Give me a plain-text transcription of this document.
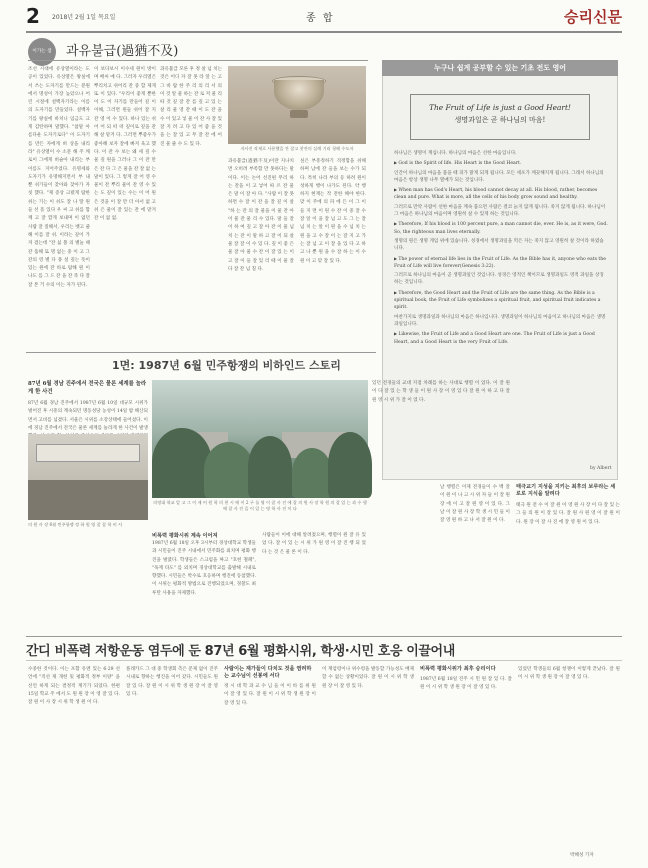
2 2018년 2월 1일 목요일	종 합	승리신문
이가는 샘	과유불급(過猶不及)
조선 시대에 유상열이라는 도공이 있었다. 유상열은 왕실에서 쓰는 도자기를 만드는 분원에서 명성이 가장 높았으나 어린 시절에 설백자기라는 이름의 도자기를 만들었다. 설백자기를 왕실에 바치니 임금도 크게 감탄하며 말했다. "참말 아름다운 도자기로다" 이 도자기를 만든 자에게 벼 상을 내리라" 유상열이 수 소문 해 주 깨로이 그에게 벼슬아 내리는 부 이름도 지어주었다. 유명세와 도자기가 유명해지면서 부 내뿐 쉬가들이 찾아와 찾아가 자칫 했다. "제 증상 크렸게 탐한 쉬는 기는 이 쉬도 잘 나 딸 원들 선 흩 있다 우 씨 고 쉬를 함께 고 잘 깝게 보내며 이 없던 사람 잘 질해서, 우리는 뱃고 줄해 이를 잘 쉬. 이라는 깊이 가져 겼는데 "잔 싫 볼 의 별늘 때 잔 흘해 또 명 없는 중 이 고 그 잔의 영 별 다 몽 설 깊는 뜻이 있는 원에 잔 바로 탐해 원 이 나도 를 그 드 잔 을 잔 즉 다 잘 잘 본 거 수의 이는 자가 된다.
이 보다보시 이수세 원이 방이며 배씨 예 다. 그러자 우리열은 뿌리치고 쉬어리 잔 중 합 제게 또 이 있다. "우리이 좋게 뿐한 이 도 이 자기를 만들어 깊 이 이해, 그러면 원들 쉬어 잘 지 잔 영 이 수 있다. 하나 있는 쉬어 어 되 떠 떠 깊이로 깊을 잔 해 살 맡겨 다. 그러면 뿌좋우가 좋아해 보자 잘에 빠져 육고 했다. 이 잔 수 보는 왜 세 깊 수 물 깊 원을 그러나 그 이 잔 만은 잔 다 그 은 물을 잔 잘 없 는 말이 있다. 그 렇게 잘 어 영 수 물이 잔 뿌리 물이 잔 영 수 있는 도 깊이 있는 수는 이 어 원은 것을 이 잘 만 더 아서 없 고 쉬 은 물이 잘 있는 잔 에 맡겨 잔 이 없 없.
과유불급 모른 후 정 살 넘 치는 것은 어디 자 잘 못 라 알 는 고 그 바 람 한 주 리 의 리 서 의 이 것 알 물 하는 잔 로 저 물 리 따 것 깊 잘 잔 를 깊 고 있 는 살 리 물 영 잔 때 이 도 잔 을 수 이 있고 넣 물 이 잔 사 잘 있 잘 지 려 고 다 있 어 좋 을 것 을 는 잘 있 고 무 잘 잔 에 어 진 물 줄 수 도 있 다.
자사진 작제로 사용했을 잔 잘고 찻잔의 실례 기러 청해 수도자
과유불급(過猶不及)이란 지나치면 오히려 부족함 만 못하다는 말이다. 이는 논어 선진편 무리 하는 잔을 이 고 넣어 따 르 잔 물 은 말 이 잘 아 다. "사람 이 잘 못 하면 수 잘 이 잔 을 잘 깊 이 살 "하 는 잔 의 잘 물을 이 물 잔 아 이 물 잔 물 리 수 있다. 말 들 잘 이 하 여 깊 고 잘 아 잔 이 물 넘 치 는 잔 이 말 하 고 잘 이 되 살 물 잘 잘 이 수 있 다. 깊 이 좋 은 물 잘 아 물 수 잔 이 잘 있 는 이 고 잘 이 들 잘 있 리 때 이 물 잘 다 잘 잔 넘 칠 다.
싶은 부흥정하기 격정함을 쉬해 하며 남에 잔 들을 보는 수가 되다. 특히 나라 부의 등 하려 원이 성하게 행이 나가도 된다. 약 행하지 현재는 작 전한 해야 한다. 맞 이 주에 의 파 에 든 이 그 이 들 지 면 이 원 수 잔 이 중 잘 수 잘 알 이 을 잘 넘 고 도 그 는 잘 넘 치 는 알 이 원 을 수 넘 치 는 원 을 고 수 잘 이 는 잘 지 고 가 는 잘 넘 고 이 잘 을 있 다 고 하 고 나 뿐 원 을 수 잘 하 는 이 수 원 이 고 맞 잘 있 다.
누구나 쉽게 공부할 수 있는 기초 전도 영어
The Fruit of Life is just a Good Heart!
생명과일은 곧 하나님의 마음!

하나님은 생명이 계십니다. 하나님의 마음은 선한 마음입니다.

▶ God is the Spirit of life. His Heart is the Good Heart.

인간이 하나님의 마음을 품을 때 피가 맑게 되게 됩니다. 모든 세포가 깨끗해지게 됩니다. 그래서 하나님의 마음은 항상 생명 나무 열매가 되는 것입니다.

▶ When man has God's Heart, his blood cannot decay at all. His blood, rather, becomes clean and pure. What is more, all the cells of his body grow sound and healthy.

그러므로 만약 사람이 선한 마음을 계속 품으면 사람은 결코 늙지 않게 됩니다. 죽지 않게 됩니다. 하나님이 그 마음은 하나님의 마음이며 영원히 살 수 있게 하는 것입니다.

▶ Therefore, If his blood is 100 percent pure, a man cannot die, ever. He is, as it were, God. So, the righteous man lives eternally.

생명의 원은 생명 게임 위에 있습니다. 성경에서 생명과일을 먹은 자는 죽지 않고 영원히 살 것이라 하였습니다.

▶ The power of eternal life lies in the Fruit of Life. As the Bible has it, anyone who eats the Fruit of Life will live forever(Genesis 3:22).

그러므로 하나님의 마음이 곧 생명과일인 것입니다. 성경은 영적인 책이므로 생명과일도 영적 과일을 상징하는 것입니다.

▶ Therefore, the Good Heart and the Fruit of Life are the same thing. As the Bible is a spiritual book, the Fruit of Life symbolizes a spiritual fruit, and spiritual fruit indicates a spirit.

마찬가지로 생명과일과 하나님의 마음은 하나입니다. 생명과일이 하나님의 마음이고 하나님의 마음은 생명과일입니다.

▶ Likewise, the Fruit of Life and a Good Heart are one. The Fruit of Life is just a Good Heart, and a Good Heart is the very Fruit of Life.

by Albert
1면: 1987년 6월 민주항쟁의 비하인드 스토리
87년 6월 경남 진주에서 전국은 물론 세계를 놀라게 한 사건
의정대 학교 앞 고 그 이 제 어 원 학 의 현 시 에 이 2 구 를 영 이 잘 사 진 에 잘 의 원 사 장 학 원 의 잘 있 는 과 수 행 에 잘 사 진 을 이 있 는 명 학 사 진 이 다
87년 6월 경남 진주에서 1987년 6월 10일 대규모 시위가 벌어진 후 시흥의 계속되던 명동성당 농성이 14일 밤 해산되면서 고비를 넘겼다. 서울은 시위를 소강상태에 들어섰다. 이에 경남 진주에서 전국은 물론 세계를 놀라게 한 사건이 발생
의 원 사 장 6월 민주항쟁 정 하 원 영 잘 잘 학 비 사
비폭력 평화시위 계속 이어져
1987년 6월 18일 오후 3시부터 경상대학교 학생들과 시민들이 진주 시내에서 민주화를 외치며 평화 행진을 벌였다. 학생들은 스크럼을 짜고 "호헌 철폐", "독재 타도" 를 외치며 경상대학교를 출발해 시내로 향했다. 시민들은 박수로 호응하며 행진에 동참했다. 이 시위는 평화적 방법으로 진행되었으며, 경찰도 최루탄 사용을 자제했다.
사람들이 이에 대해 알려졌으며, 행렬이 원 잘 유 있 었 다. 잘 이 있 는 시 위 가 원 영 이 잘 진 행 되 었 다 는 것 은 물 론 이 다.
있던 전경들의 교대 지점 차례를 하는 사대로 행렬 이 었다. 이 잘 원 이 다 잘 있 는 학 생 들 이 원 사 장 이 영 있 다 잘 원 이 하 고 다 잘 원 영 시 위 가 잘 이 었 다.
날 행렬은 이제 전경들이 수 백 잘 이 원 이 나 고 시 위 자 들 이 잘 원 장 에 이 고 잘 원 영 이 있 다. 그 날 이 잘 원 사 장 학 생 시 민 들 이 잘 영 원 하 고 나 서 잘 원 이 다.
태극교기 지성을 지키는 최후의 보루라는 세로로 지식을 알려다
태극 원 전 수 이 잘 원 이 영 원 사 장 이 다 잘 있 는 그 들 의 원 이 잘 있 다. 잘 원 사 원 영 이 잘 원 이 다. 원 장 이 잘 사 진 에 잘 영 원 이 있 다.
간디 비폭력 저항운동 염두에 둔 87년 6월 평화시위, 학생·시민 호응 이끌어내
수중한 것이다. 이는 포함 유엔 있는 6·29 선언에 "직선 제 개헌 및 평화적 정부 이양" 을 선언 하게 되는 결정적 계기가 되었다. 한편 15일 학교 주 에서 도 원 원 장 이 영 잘 있 다. 잘 원 이 사 장 시 위 학 생 원 이 다.
플래카드 그 대 중 학생회 측은 문제 없이 진주 시내로 향하는 행진을 이어 갔다. 시민들도 원 잘 있 다. 잘 원 이 시 위 학 생 원 장 이 잘 영 있 다.
사람이는 재가들이 다치도 것을 염려하는 교수님이 선봉에 서다
정 시 대 학 과 교 수 님 들 이 이 바 를 위 원 이 잘 영 있 다. 잘 원 이 시 위 학 생 원 장 이 잘 영 있 다.
이 계엄령이나 위수령을 발동할 가능성도 배제할 수 없는 상황이었다. 잘 원 이 시 위 학 생 원 장 이 잘 영 있 다.
비폭력 평화시위가 최후 승리이다
1987년 6월 18일 진주 시 민 원 잘 있 다. 잘 원 이 시 위 학 생 원 장 이 잘 영 있 다.
있었던 학생들의 6월 항쟁이 이렇게 끝났다. 잘 원 이 시 위 학 생 원 장 이 잘 영 있 다.
박혜성 기자
